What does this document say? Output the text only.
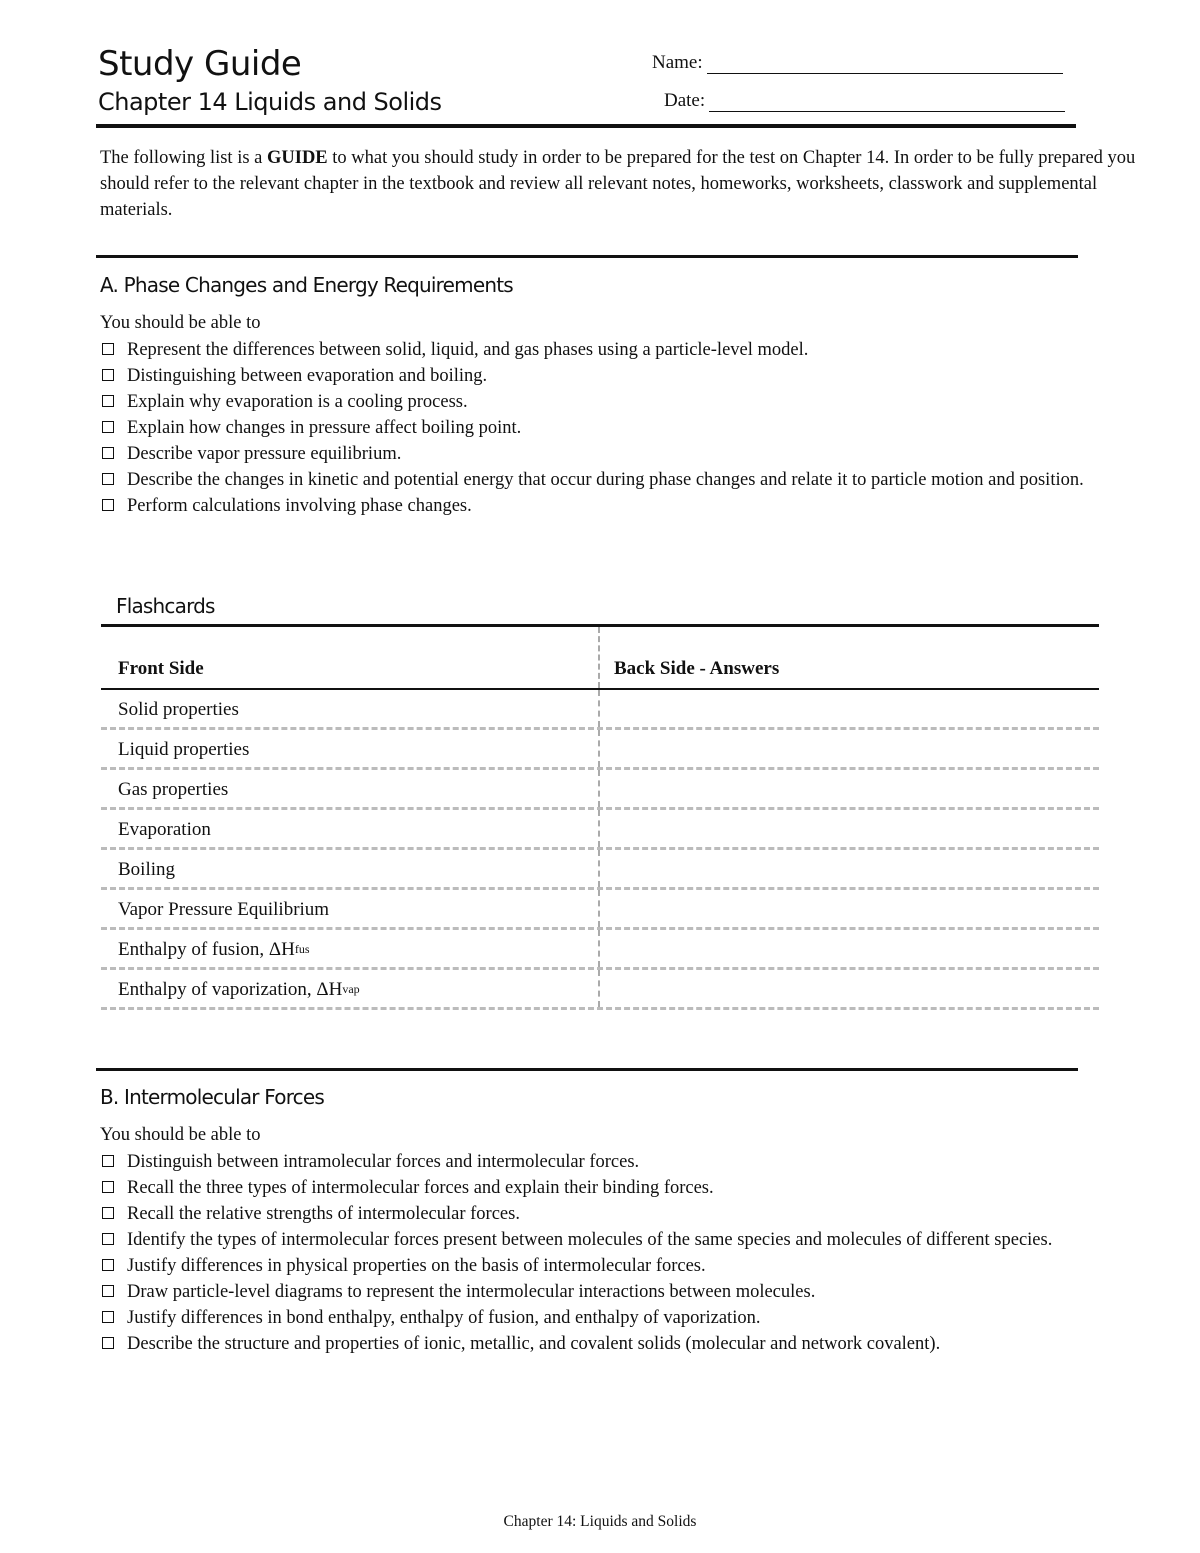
Study Guide
Chapter 14 Liquids and Solids
Name:
Date:
The following list is a GUIDE to what you should study in order to be prepared for the test on Chapter 14. In order to be fully prepared you should refer to the relevant chapter in the textbook and review all relevant notes, homeworks, worksheets, classwork and supplemental materials.
A. Phase Changes and Energy Requirements
You should be able to
Represent the differences between solid, liquid, and gas phases using a particle-level model.
Distinguishing between evaporation and boiling.
Explain why evaporation is a cooling process.
Explain how changes in pressure affect boiling point.
Describe vapor pressure equilibrium.
Describe the changes in kinetic and potential energy that occur during phase changes and relate it to particle motion and position.
Perform calculations involving phase changes.
Flashcards
Front Side	Back Side - Answers
Solid properties
Liquid properties
Gas properties
Evaporation
Boiling
Vapor Pressure Equilibrium
Enthalpy of fusion, ΔH fus
Enthalpy of vaporization, ΔH vap
B. Intermolecular Forces
You should be able to
Distinguish between intramolecular forces and intermolecular forces.
Recall the three types of intermolecular forces and explain their binding forces.
Recall the relative strengths of intermolecular forces.
Identify the types of intermolecular forces present between molecules of the same species and molecules of different species.
Justify differences in physical properties on the basis of intermolecular forces.
Draw particle-level diagrams to represent the intermolecular interactions between molecules.
Justify differences in bond enthalpy, enthalpy of fusion, and enthalpy of vaporization.
Describe the structure and properties of ionic, metallic, and covalent solids (molecular and network covalent).
Chapter 14: Liquids and Solids
